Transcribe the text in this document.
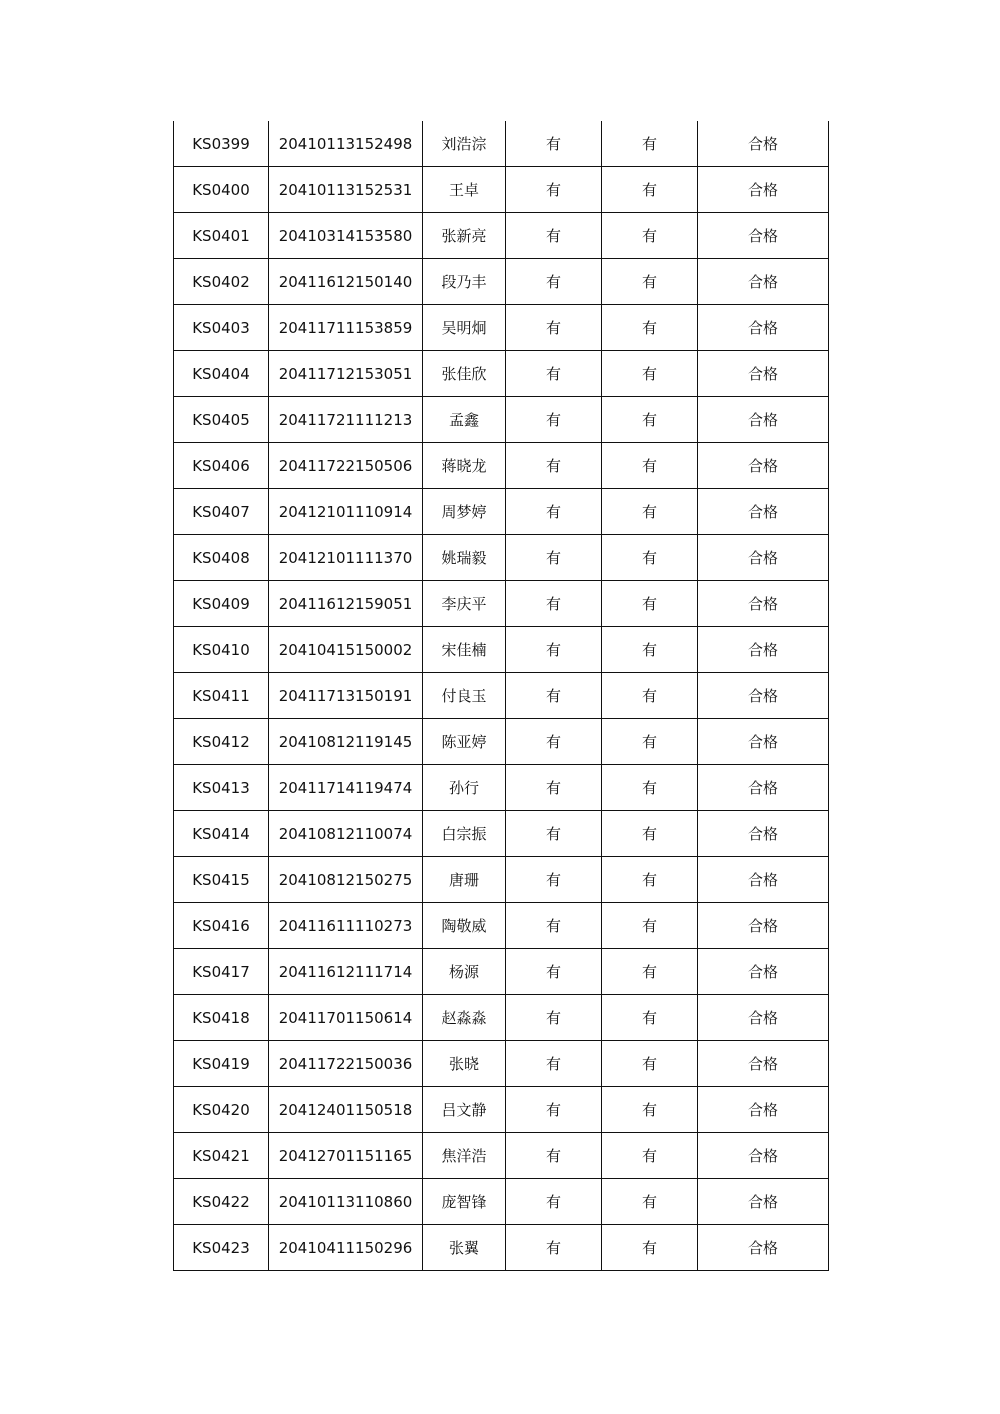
KS0399	20410113152498	刘浩淙	有	有	合格
KS0400	20410113152531	王卓	有	有	合格
KS0401	20410314153580	张新亮	有	有	合格
KS0402	20411612150140	段乃丰	有	有	合格
KS0403	20411711153859	吴明炯	有	有	合格
KS0404	20411712153051	张佳欣	有	有	合格
KS0405	20411721111213	孟鑫	有	有	合格
KS0406	20411722150506	蒋晓龙	有	有	合格
KS0407	20412101110914	周梦婷	有	有	合格
KS0408	20412101111370	姚瑞毅	有	有	合格
KS0409	20411612159051	李庆平	有	有	合格
KS0410	20410415150002	宋佳楠	有	有	合格
KS0411	20411713150191	付良玉	有	有	合格
KS0412	20410812119145	陈亚婷	有	有	合格
KS0413	20411714119474	孙行	有	有	合格
KS0414	20410812110074	白宗振	有	有	合格
KS0415	20410812150275	唐珊	有	有	合格
KS0416	20411611110273	陶敬威	有	有	合格
KS0417	20411612111714	杨源	有	有	合格
KS0418	20411701150614	赵淼淼	有	有	合格
KS0419	20411722150036	张晓	有	有	合格
KS0420	20412401150518	吕文静	有	有	合格
KS0421	20412701151165	焦洋浩	有	有	合格
KS0422	20410113110860	庞智锋	有	有	合格
KS0423	20410411150296	张翼	有	有	合格
